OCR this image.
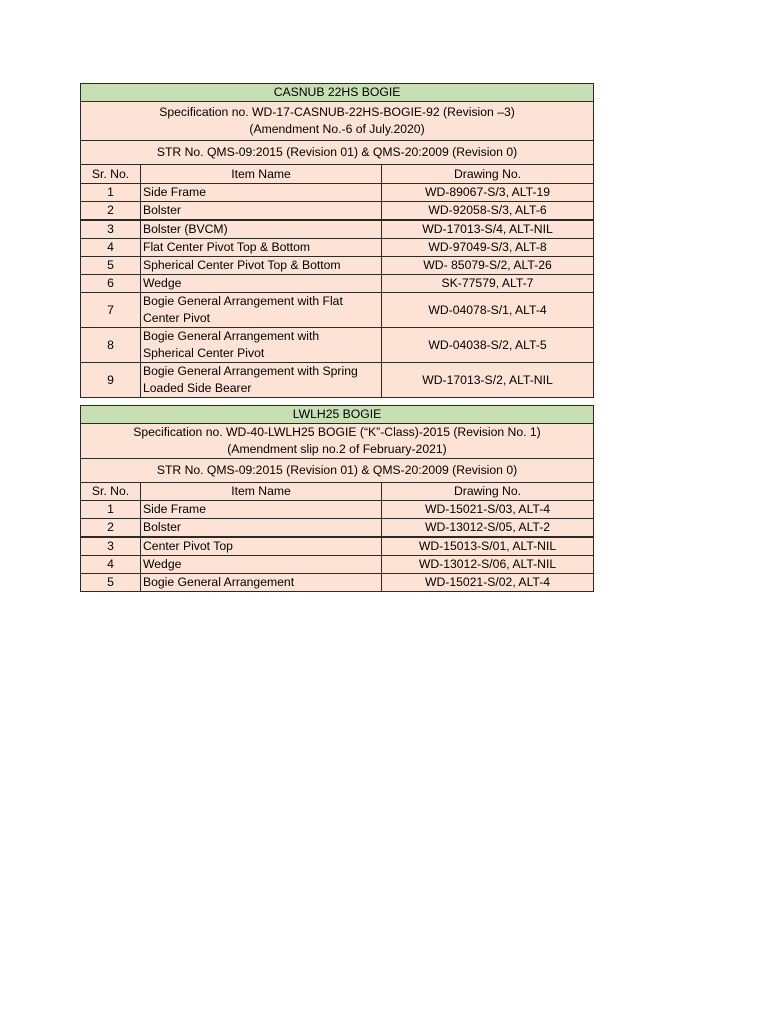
CASNUB 22HS BOGIE		

Specification no. WD-17-CASNUB-22HS-BOGIE-92 (Revision –3)
(Amendment No.-6 of July.2020)		

STR No. QMS-09:2015 (Revision 01) & QMS-20:2009 (Revision 0)		
Sr. No.	Item Name	Drawing No.
1	Side Frame	WD-89067-S/3, ALT-19
2	Bolster	WD-92058-S/3, ALT-6
3	Bolster (BVCM)	WD-17013-S/4, ALT-NIL
4	Flat Center Pivot Top & Bottom	WD-97049-S/3, ALT-8
5	Spherical Center Pivot Top & Bottom	WD- 85079-S/2, ALT-26
6	Wedge	SK-77579, ALT-7
7	Bogie General Arrangement with Flat
Center Pivot	WD-04078-S/1, ALT-4
8	Bogie General Arrangement with
Spherical Center Pivot	WD-04038-S/2, ALT-5
9	Bogie General Arrangement with Spring
Loaded Side Bearer	WD-17013-S/2, ALT-NIL
LWLH25 BOGIE		

Specification no. WD-40-LWLH25 BOGIE (“K”-Class)-2015 (Revision No. 1)
(Amendment slip no.2 of February-2021)		

STR No. QMS-09:2015 (Revision 01) & QMS-20:2009 (Revision 0)		
Sr. No.	Item Name	Drawing No.
1	Side Frame	WD-15021-S/03, ALT-4
2	Bolster	WD-13012-S/05, ALT-2
3	Center Pivot Top	WD-15013-S/01, ALT-NIL
4	Wedge	WD-13012-S/06, ALT-NIL
5	Bogie General Arrangement	WD-15021-S/02, ALT-4
